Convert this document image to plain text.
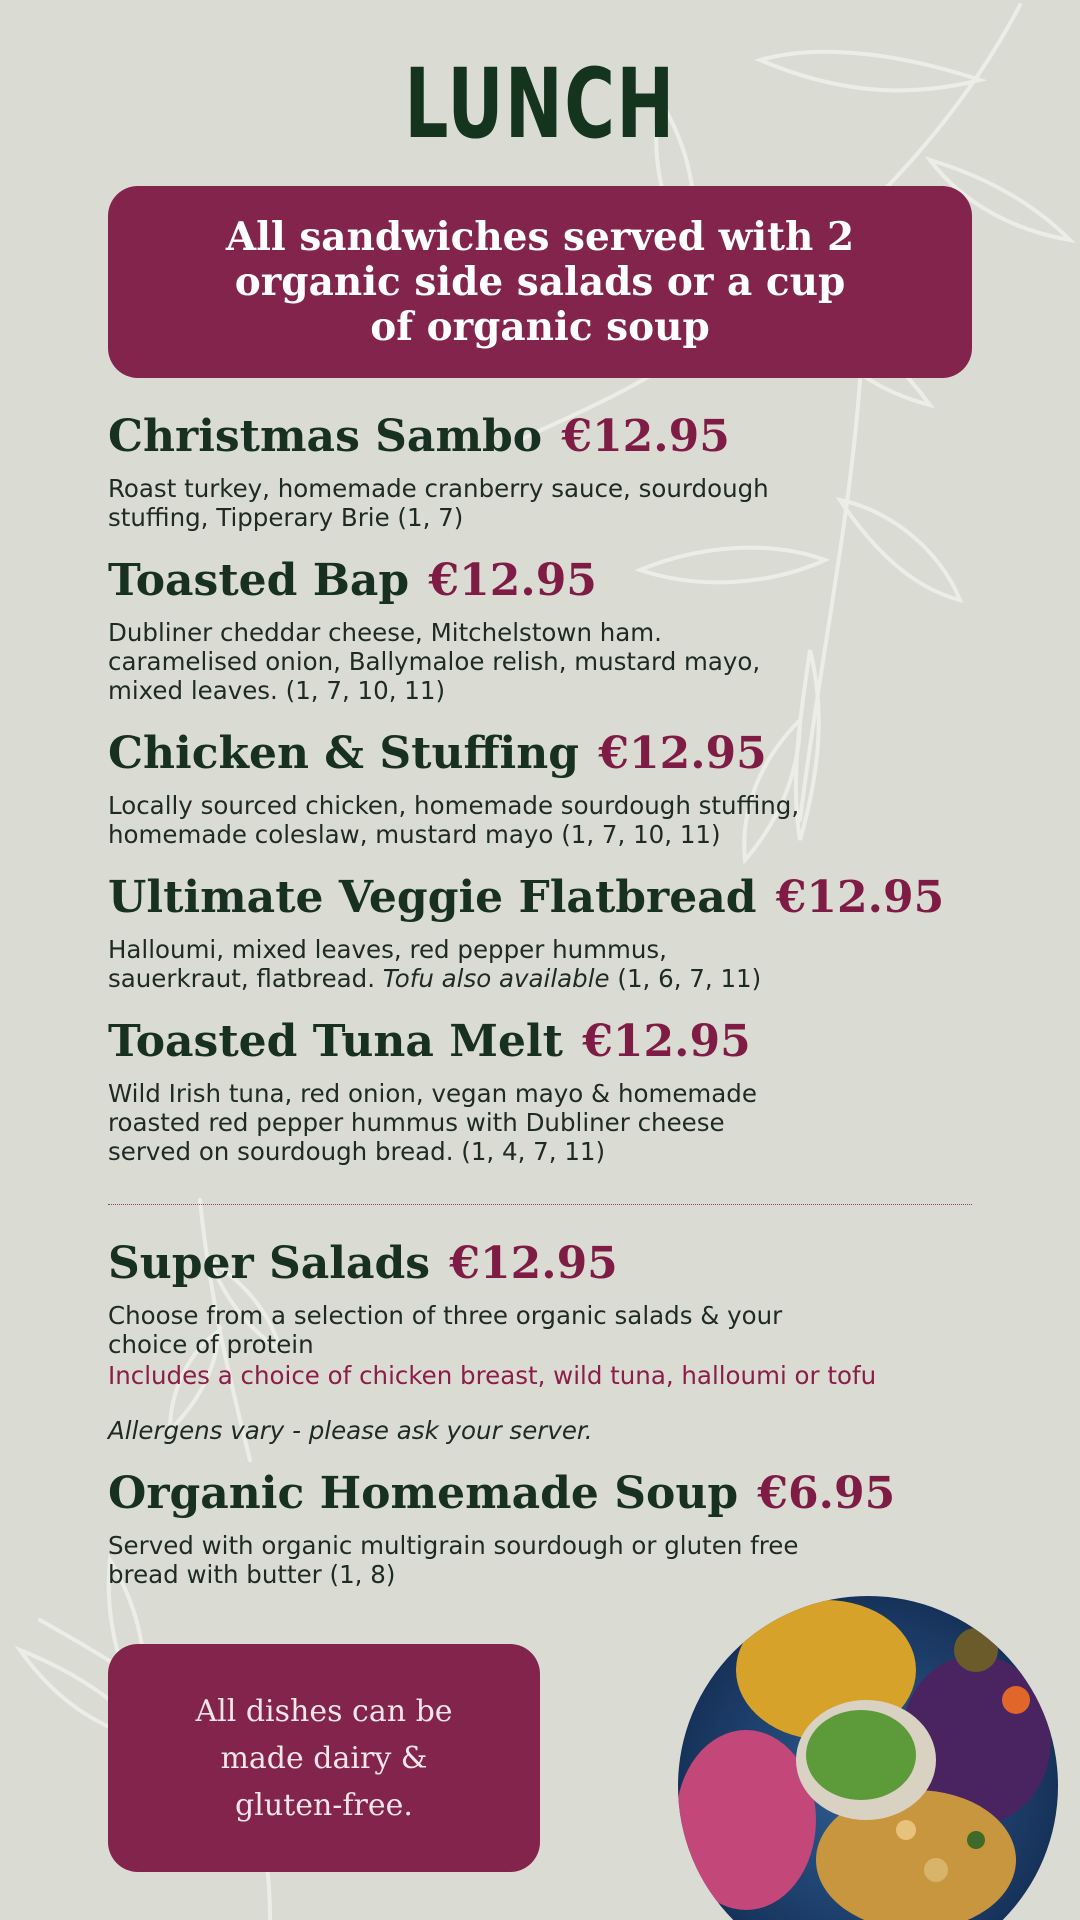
LUNCH
All sandwiches served with 2 organic side salads or a cup of organic soup
Christmas Sambo €12.95
Roast turkey, homemade cranberry sauce, sourdough stuffing, Tipperary Brie (1, 7)
Toasted Bap €12.95
Dubliner cheddar cheese, Mitchelstown ham. caramelised onion, Ballymaloe relish, mustard mayo, mixed leaves. (1, 7, 10, 11)
Chicken & Stuffing €12.95
Locally sourced chicken, homemade sourdough stuffing, homemade coleslaw, mustard mayo (1, 7, 10, 11)
Ultimate Veggie Flatbread €12.95
Halloumi, mixed leaves, red pepper hummus, sauerkraut, flatbread. Tofu also available (1, 6, 7, 11)
Toasted Tuna Melt €12.95
Wild Irish tuna, red onion, vegan mayo & homemade roasted red pepper hummus with Dubliner cheese served on sourdough bread. (1, 4, 7, 11)
Super Salads €12.95
Choose from a selection of three organic salads & your choice of protein
Includes a choice of chicken breast, wild tuna, halloumi or tofu
Allergens vary - please ask your server.
Organic Homemade Soup €6.95
Served with organic multigrain sourdough or gluten free bread with butter (1, 8)
All dishes can be made dairy & gluten-free.
